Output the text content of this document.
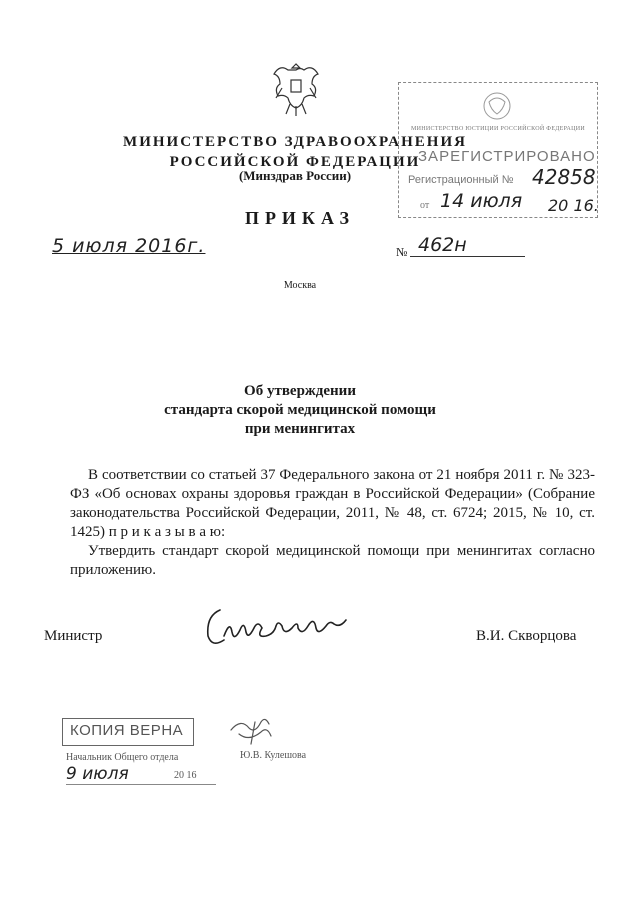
МИНИСТЕРСТВО ЗДРАВООХРАНЕНИЯ
РОССИЙСКОЙ ФЕДЕРАЦИИ
(Минздрав России)
ПРИКАЗ
5 июля 2016г.	№ 462н
Москва
МИНИСТЕРСТВО ЮСТИЦИИ РОССИЙСКОЙ ФЕДЕРАЦИИ
ЗАРЕГИСТРИРОВАНО
Регистрационный № 42858
от 14 июля 20 16.
Об утверждении
стандарта скорой медицинской помощи
при менингитах
В соответствии со статьей 37 Федерального закона от 21 ноября 2011 г. № 323-ФЗ «Об основах охраны здоровья граждан в Российской Федерации» (Собрание законодательства Российской Федерации, 2011, № 48, ст. 6724; 2015, № 10, ст. 1425) п р и к а з ы в а ю:
Утвердить стандарт скорой медицинской помощи при менингитах согласно приложению.
Министр	В.И. Скворцова
КОПИЯ ВЕРНА
Начальник Общего отдела	Ю.В. Кулешова
9 июля	20 16
